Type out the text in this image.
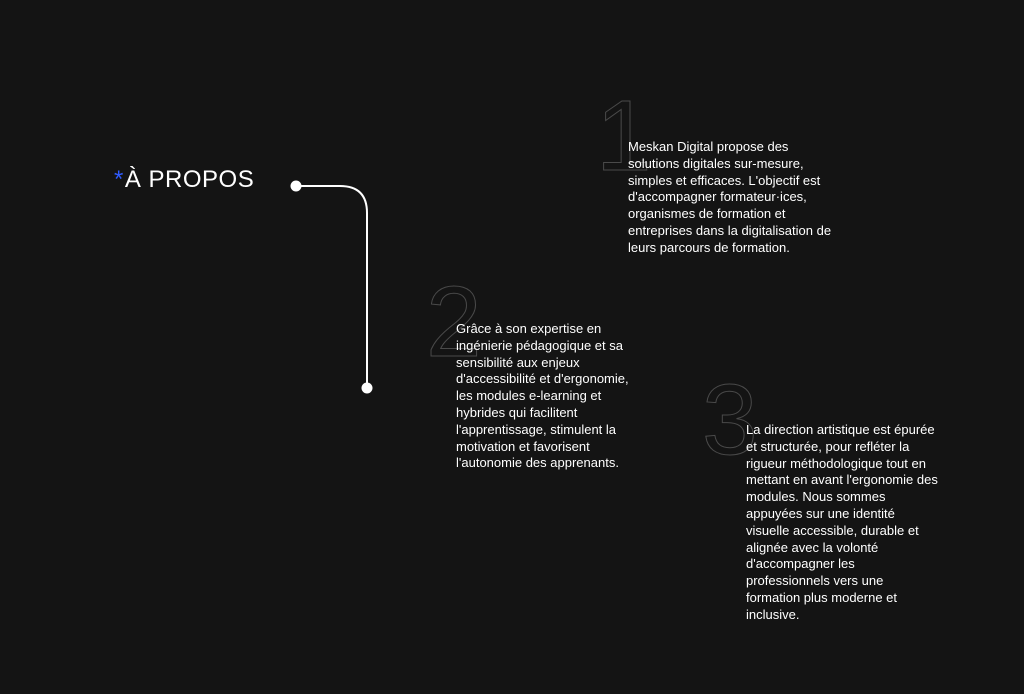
*À PROPOS	1
2
3

Meskan Digital propose des solutions digitales sur-mesure, simples et efficaces. L'objectif est d'accompagner formateur·ices, organismes de formation et entreprises dans la digitalisation de leurs parcours de formation.

Grâce à son expertise en ingénierie pédagogique et sa sensibilité aux enjeux d'accessibilité et d'ergonomie, les modules e-learning et hybrides qui facilitent l'apprentissage, stimulent la motivation et favorisent l'autonomie des apprenants.

La direction artistique est épurée et structurée, pour refléter la rigueur méthodologique tout en mettant en avant l'ergonomie des modules. Nous sommes appuyées sur une identité visuelle accessible, durable et alignée avec la volonté d'accompagner les professionnels vers une formation plus moderne et inclusive.
